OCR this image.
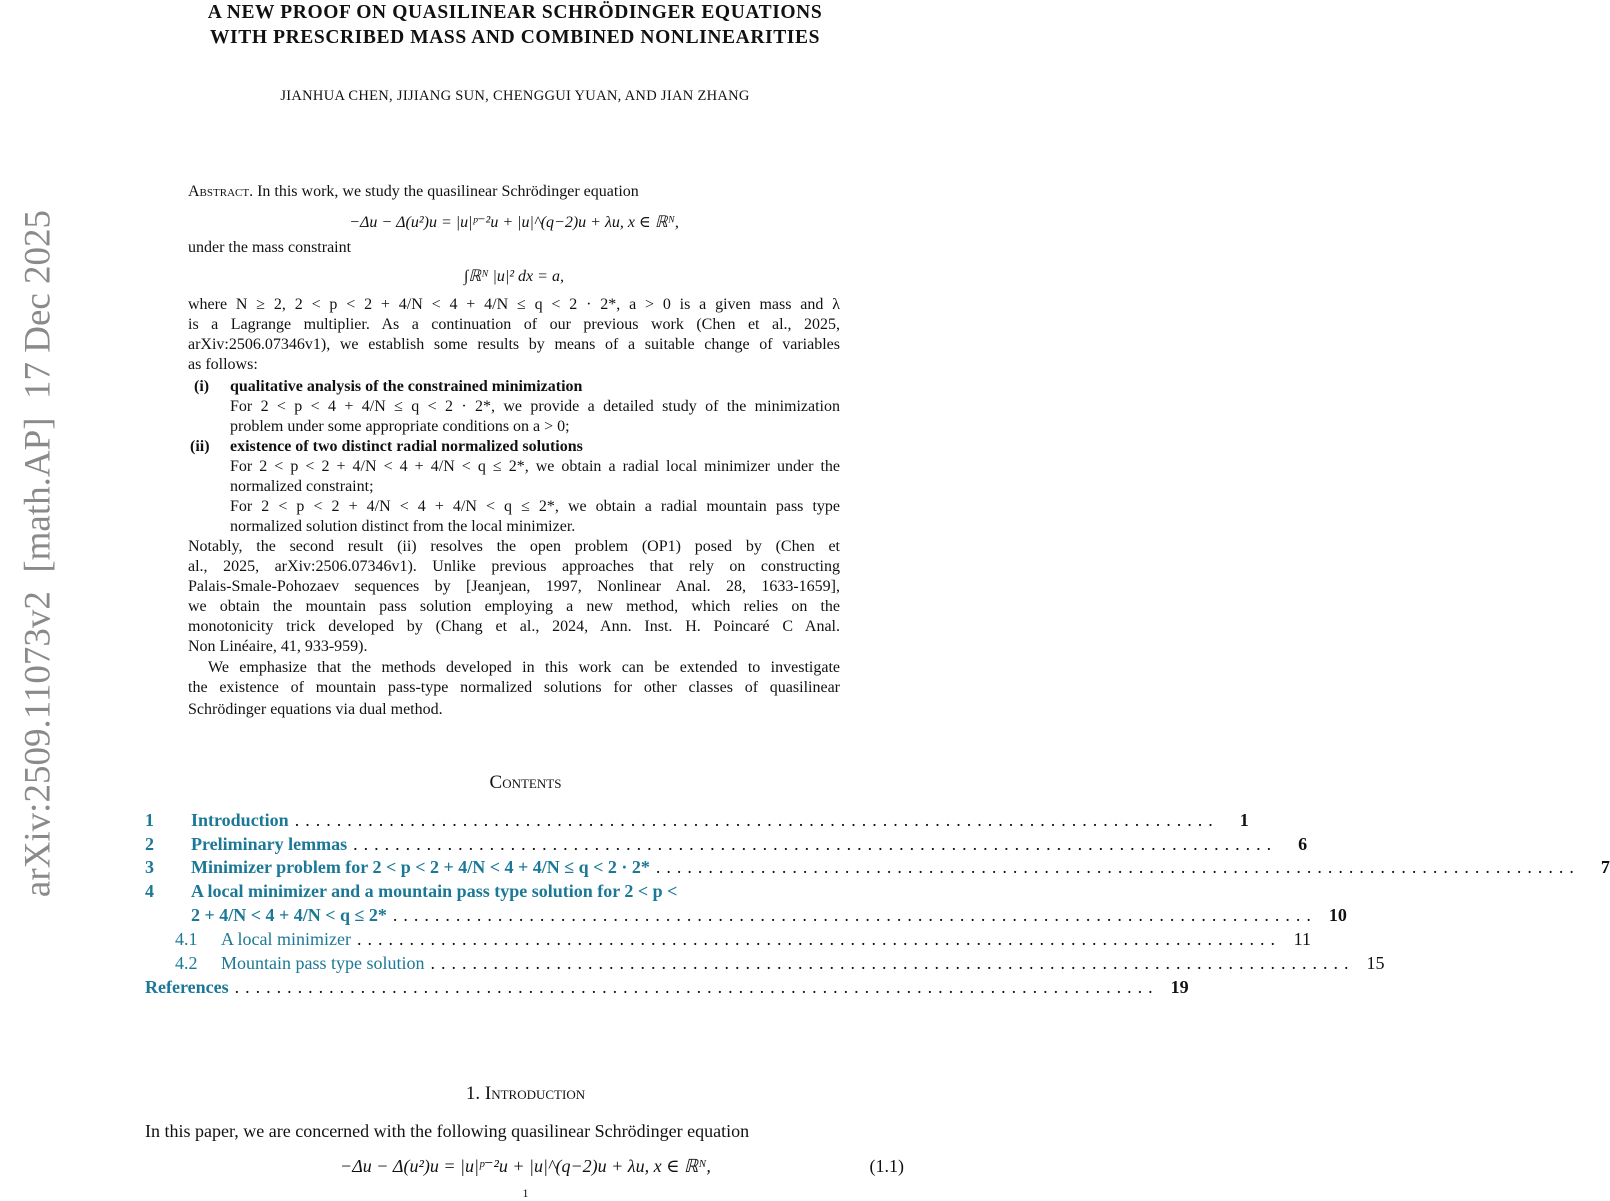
arXiv:2509.11073v2  [math.AP]  17 Dec 2025
A NEW PROOF ON QUASILINEAR SCHRÖDINGER EQUATIONS
WITH PRESCRIBED MASS AND COMBINED NONLINEARITIES
JIANHUA CHEN, JIJIANG SUN, CHENGGUI YUAN, AND JIAN ZHANG
Abstract. In this work, we study the quasilinear Schrödinger equation
−Δu − Δ(u²)u = |u|ᵖ⁻²u + |u|^(q−2)u + λu, x ∈ ℝᴺ,
under the mass constraint
∫ℝᴺ |u|² dx = a,
where N ≥ 2, 2 < p < 2 + 4/N < 4 + 4/N ≤ q < 2 · 2*, a > 0 is a given mass and λ
is a Lagrange multiplier. As a continuation of our previous work (Chen et al., 2025,
arXiv:2506.07346v1), we establish some results by means of a suitable change of variables
as follows:
(i) qualitative analysis of the constrained minimization
For 2 < p < 4 + 4/N ≤ q < 2 · 2*, we provide a detailed study of the minimization
problem under some appropriate conditions on a > 0;
(ii) existence of two distinct radial normalized solutions
For 2 < p < 2 + 4/N < 4 + 4/N < q ≤ 2*, we obtain a radial local minimizer under the
normalized constraint;
For 2 < p < 2 + 4/N < 4 + 4/N < q ≤ 2*, we obtain a radial mountain pass type
normalized solution distinct from the local minimizer.
Notably, the second result (ii) resolves the open problem (OP1) posed by (Chen et
al., 2025, arXiv:2506.07346v1). Unlike previous approaches that rely on constructing
Palais-Smale-Pohozaev sequences by [Jeanjean, 1997, Nonlinear Anal. 28, 1633-1659],
we obtain the mountain pass solution employing a new method, which relies on the
monotonicity trick developed by (Chang et al., 2024, Ann. Inst. H. Poincaré C Anal.
Non Linéaire, 41, 933-959).
We emphasize that the methods developed in this work can be extended to investigate
the existence of mountain pass-type normalized solutions for other classes of quasilinear
Schrödinger equations via dual method.
Contents
1	Introduction ........................................................................................	1
2	Preliminary lemmas ........................................................................................	6
3	Minimizer problem for 2 < p < 2 + 4/N < 4 + 4/N ≤ q < 2 · 2* ........................................................................................	7
4	A local minimizer and a mountain pass type solution for 2 < p <
2 + 4/N < 4 + 4/N < q ≤ 2* ........................................................................................ 10
4.1	A local minimizer ........................................................................................ 11
4.2	Mountain pass type solution ........................................................................................ 15
References ........................................................................................ 19
1. Introduction
In this paper, we are concerned with the following quasilinear Schrödinger equation
−Δu − Δ(u²)u = |u|ᵖ⁻²u + |u|^(q−2)u + λu, x ∈ ℝᴺ,	(1.1)
1
